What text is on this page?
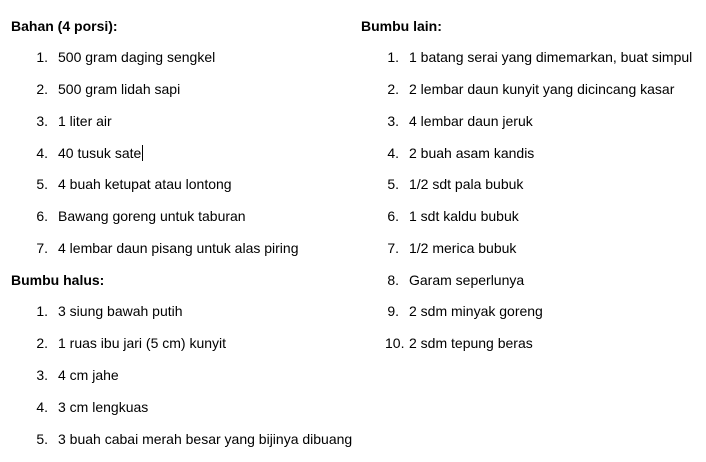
Bahan (4 porsi):
1. 500 gram daging sengkel
2. 500 gram lidah sapi
3. 1 liter air
4. 40 tusuk sate
5. 4 buah ketupat atau lontong
6. Bawang goreng untuk taburan
7. 4 lembar daun pisang untuk alas piring
Bumbu halus:
1. 3 siung bawah putih
2. 1 ruas ibu jari (5 cm) kunyit
3. 4 cm jahe
4. 3 cm lengkuas
5. 3 buah cabai merah besar yang bijinya dibuang
Bumbu lain:
1. 1 batang serai yang dimemarkan, buat simpul
2. 2 lembar daun kunyit yang dicincang kasar
3. 4 lembar daun jeruk
4. 2 buah asam kandis
5. 1/2 sdt pala bubuk
6. 1 sdt kaldu bubuk
7. 1/2 merica bubuk
8. Garam seperlunya
9. 2 sdm minyak goreng
10. 2 sdm tepung beras
